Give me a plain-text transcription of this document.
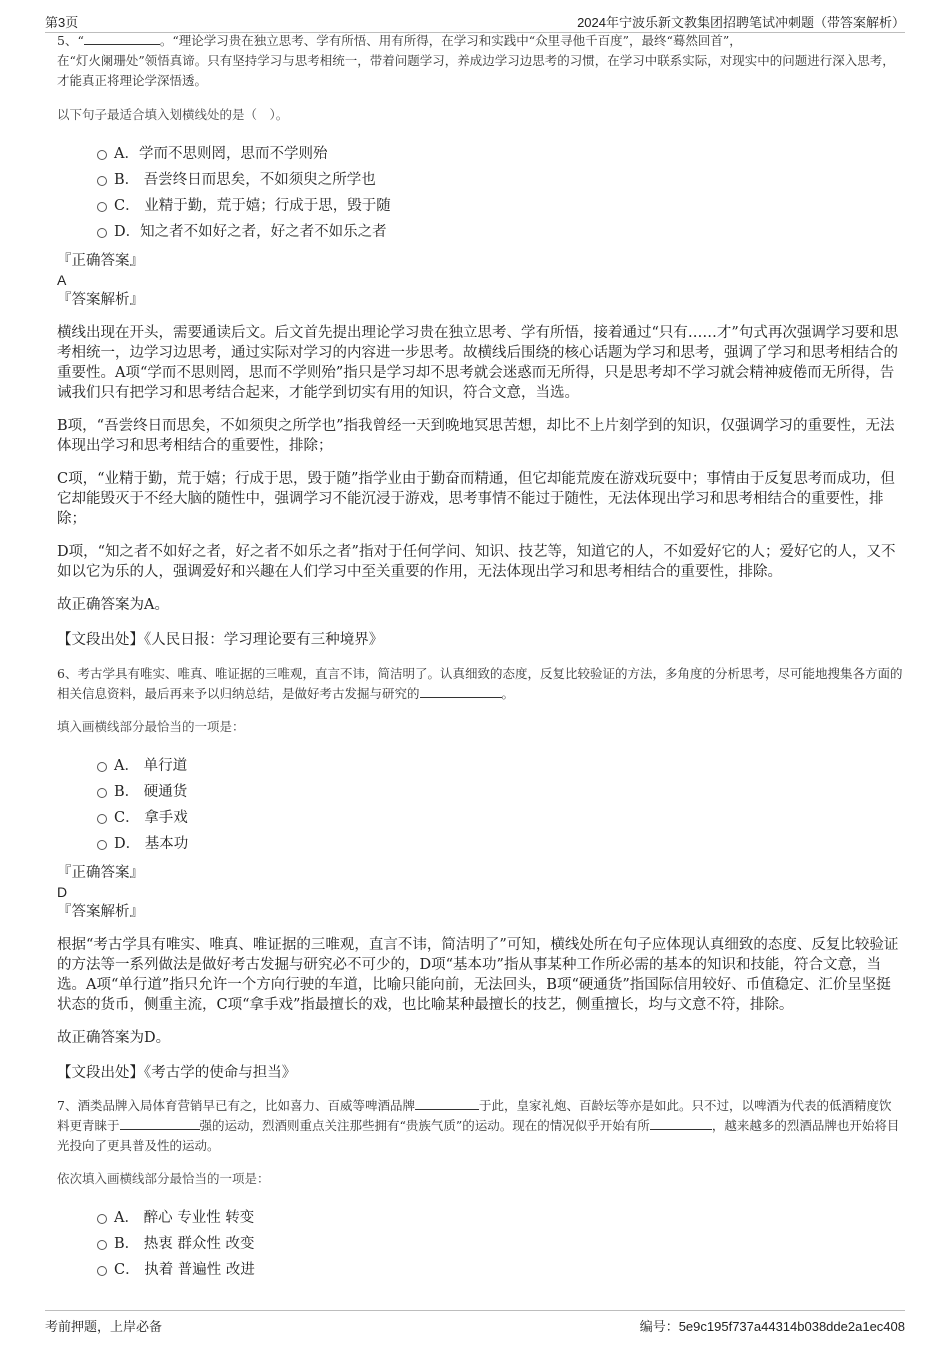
第3页	2024年宁波乐新文教集团招聘笔试冲刺题（带答案解析）

5、“	。“理论学习贵在独立思考、学有所悟、用有所得，在学习和实践中“众里寻他千百度”，最终“蓦然回首”，
在“灯火阑珊处”领悟真谛。只有坚持学习与思考相统一，带着问题学习，养成边学习边思考的习惯，在学习中联系实际，对现实中的问题进行深入思考，才能真正将理论学深悟透。

以下句子最适合填入划横线处的是（　）。
A．学而不思则罔，思而不学则殆
B． 吾尝终日而思矣，不如须臾之所学也
C． 业精于勤，荒于嬉；行成于思，毁于随
D．知之者不如好之者，好之者不如乐之者
『正确答案』
A
『答案解析』

横线出现在开头，需要通读后文。后文首先提出理论学习贵在独立思考、学有所悟，接着通过“只有……才”句式再次强调学习要和思考相统一，边学习边思考，通过实际对学习的内容进一步思考。故横线后围绕的核心话题为学习和思考，强调了学习和思考相结合的重要性。A项“学而不思则罔，思而不学则殆”指只是学习却不思考就会迷惑而无所得，只是思考却不学习就会精神疲倦而无所得，告诫我们只有把学习和思考结合起来，才能学到切实有用的知识，符合文意，当选。

B项，“吾尝终日而思矣，不如须臾之所学也”指我曾经一天到晚地冥思苦想，却比不上片刻学到的知识，仅强调学习的重要性，无法体现出学习和思考相结合的重要性，排除；

C项，“业精于勤，荒于嬉；行成于思，毁于随”指学业由于勤奋而精通，但它却能荒废在游戏玩耍中；事情由于反复思考而成功，但它却能毁灭于不经大脑的随性中，强调学习不能沉浸于游戏，思考事情不能过于随性，无法体现出学习和思考相结合的重要性，排除；

D项，“知之者不如好之者，好之者不如乐之者”指对于任何学问、知识、技艺等，知道它的人，不如爱好它的人；爱好它的人，又不如以它为乐的人，强调爱好和兴趣在人们学习中至关重要的作用，无法体现出学习和思考相结合的重要性，排除。

故正确答案为A。

【文段出处】《人民日报：学习理论要有三种境界》

6、考古学具有唯实、唯真、唯证据的三唯观，直言不讳，简洁明了。认真细致的态度，反复比较验证的方法，多角度的分析思考，尽可能地搜集各方面的相关信息资料，最后再来予以归纳总结，是做好考古发掘与研究的	。

填入画横线部分最恰当的一项是：
A． 单行道
B． 硬通货
C． 拿手戏
D． 基本功
『正确答案』
D
『答案解析』

根据“考古学具有唯实、唯真、唯证据的三唯观，直言不讳，简洁明了”可知，横线处所在句子应体现认真细致的态度、反复比较验证的方法等一系列做法是做好考古发掘与研究必不可少的，D项“基本功”指从事某种工作所必需的基本的知识和技能，符合文意，当选。A项“单行道”指只允许一个方向行驶的车道，比喻只能向前，无法回头，B项“硬通货”指国际信用较好、币值稳定、汇价呈坚挺状态的货币，侧重主流，C项“拿手戏”指最擅长的戏，也比喻某种最擅长的技艺，侧重擅长，均与文意不符，排除。

故正确答案为D。

【文段出处】《考古学的使命与担当》

7、酒类品牌入局体育营销早已有之，比如喜力、百威等啤酒品牌	于此，皇家礼炮、百龄坛等亦是如此。只不过，以啤酒为代表的低酒精度饮料更青睐于	强的运动，烈酒则重点关注那些拥有“贵族气质”的运动。现在的情况似乎开始有所	，越来越多的烈酒品牌也开始将目光投向了更具普及性的运动。

依次填入画横线部分最恰当的一项是：
A． 醉心 专业性 转变
B． 热衷 群众性 改变
C． 执着 普遍性 改进
考前押题，上岸必备	编号：5e9c195f737a44314b038dde2a1ec408
